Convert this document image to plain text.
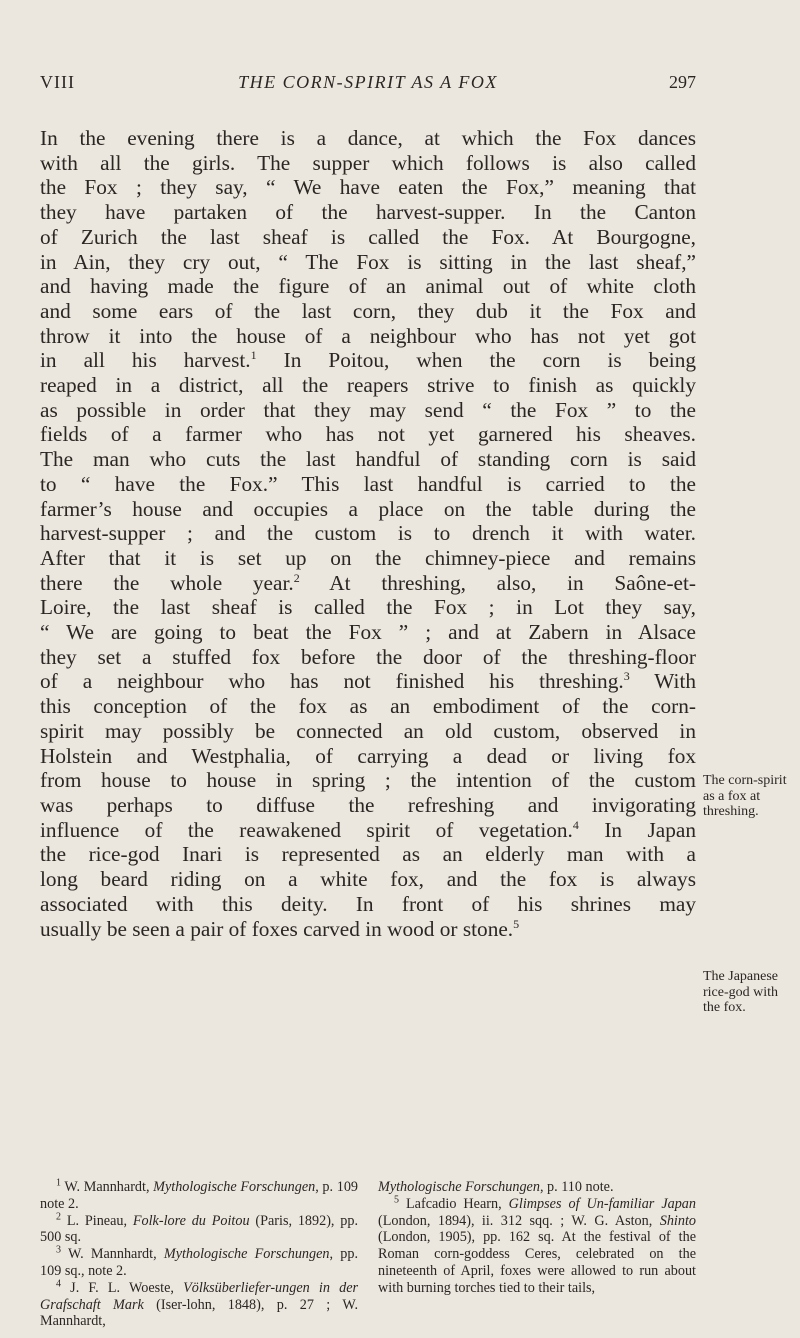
VIII	THE CORN-SPIRIT AS A FOX	297
In the evening there is a dance, at which the Fox dances
with all the girls. The supper which follows is also called
the Fox ; they say, “ We have eaten the Fox,” meaning that
they have partaken of the harvest-supper. In the Canton
of Zurich the last sheaf is called the Fox. At Bourgogne,
in Ain, they cry out, “ The Fox is sitting in the last sheaf,”
and having made the figure of an animal out of white cloth
and some ears of the last corn, they dub it the Fox and
throw it into the house of a neighbour who has not yet got
in all his harvest.$^1$ In Poitou, when the corn is being
reaped in a district, all the reapers strive to finish as quickly
as possible in order that they may send “ the Fox ” to the
fields of a farmer who has not yet garnered his sheaves.
The man who cuts the last handful of standing corn is said
to “ have the Fox.” This last handful is carried to the
farmer’s house and occupies a place on the table during the
harvest-supper ; and the custom is to drench it with water.
After that it is set up on the chimney-piece and remains
there the whole year.$^2$ At threshing, also, in Saône-et-
Loire, the last sheaf is called the Fox ; in Lot they say,
“ We are going to beat the Fox ” ; and at Zabern in Alsace
they set a stuffed fox before the door of the threshing-floor
of a neighbour who has not finished his threshing.$^3$ With
this conception of the fox as an embodiment of the corn-
spirit may possibly be connected an old custom, observed in
Holstein and Westphalia, of carrying a dead or living fox
from house to house in spring ; the intention of the custom
was perhaps to diffuse the refreshing and invigorating
influence of the reawakened spirit of vegetation.$^4$ In Japan
the rice-god Inari is represented as an elderly man with a
long beard riding on a white fox, and the fox is always
associated with this deity. In front of his shrines may
usually be seen a pair of foxes carved in wood or stone.$^5$
The corn-spirit as a fox at threshing.
The Japanese rice-god with the fox.

$^1$ W. Mannhardt, Mythologische Forschungen, p. 109 note 2.

$^2$ L. Pineau, Folk-lore du Poitou (Paris, 1892), pp. 500 sq.

$^3$ W. Mannhardt, Mythologische Forschungen, pp. 109 sq., note 2.

$^4$ J. F. L. Woeste, Völksüberliefer-ungen in der Grafschaft Mark (Iser-lohn, 1848), p. 27 ; W. Mannhardt,

Mythologische Forschungen, p. 110 note.

$^5$ Lafcadio Hearn, Glimpses of Un-familiar Japan (London, 1894), ii. 312 sqq. ; W. G. Aston, Shinto (London, 1905), pp. 162 sq. At the festival of the Roman corn-goddess Ceres, celebrated on the nineteenth of April, foxes were allowed to run about with burning torches tied to their tails,
